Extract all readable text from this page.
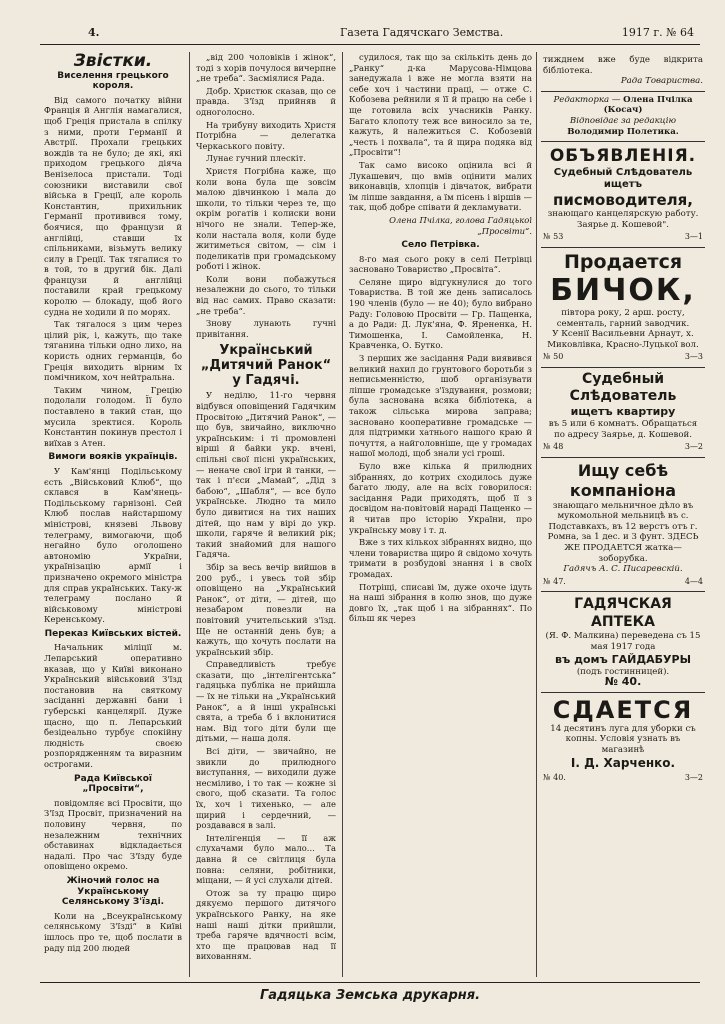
4.	Газета Гадячскаго Земства.	1917 г. № 64
Звістки.
Виселення грецького короля.

Від самого початку війни Франція й Англія намагалися, щоб Греція пристала в спілку з ними, проти Германії й Австрії. Прохали грецьких вождів та не було; де які, які приходом грецького діяча Венізелоса пристали. Тоді союзники виставили свої війська в Греції, але король Константин, прихильник Германії противився тому, боячися, що французи й англійці, ставши їх спільниками, візьмуть велику силу в Греції. Так тягалися то в той, то в другий бік. Далі французи й англійці поставили край грецькому королю — блокаду, щоб його судна не ходили й по морях.

Так тягалося з цим через цілий рік, і, кажуть, що таке тяганина тільки одно лихо, на користь одних германців, бо Греція виходить вірним їх помічником, хоч нейтральна.

Таким чином, Грецію подолали голодом. Її було поставлено в такий стан, що мусила зректися. Король Константин покинув престол і виїхав з Атен.

Вимоги вояків українців.

У Кам'янці Подільському єсть „Військовий Клюб“, що склався в Кам'янець-Подільському гарнізоні. Сей Клюб послав найстаршому міністрові, князеві Львову телеграму, вимогаючи, щоб негайно було оголошено автономію України, українізацію армії і призначено окремого міністра для справ українських. Таку-ж телеграму послано й військовому міністрові Керенському.

Переказ Київських вістей.

Начальник міліції м. Лепарський оперативно вказав, що у Київі виконано Український військовий З'їзд постановив на святкому засіданні державні бани і губерські канцелярії. Дуже щасно, що п. Лепарський безідеально турбує спокійну людність своєю розпорядженням та виразним острогами.

Рада Київської „Просвіти“,

повідомляє всі Просвіти, що З'їзд Просвіт, призначений на половину червня, по незалежним технічних обставинах відкладається надалі. Про час З'їзду буде оповіщено окремо.

Жіночий голос на Українському Селянському З'їзді.

Коли на „Всеукраїнському селянському З'їзді“ в Київі ішлось про те, щоб послати в раду під 200 людей

„від 200 чоловіків і жінок“, тоді з хорів почулося вичерпне „не треба“. Засміялися Рада.

Добр. Христюк сказав, що се правда. З'їзд прийняв й одноголосно.

На трибуну виходить Христя Потрібна — делегатка Черкаського повіту.

Лунає гучний плескіт.

Христя Погрібна каже, що коли вона була ще зовсім малою дівчинкою і мала до школи, то тільки через те, що окрім рогатів і колиски вони нічого не знали. Тепер-же, коли настала воля, коли буде житиметься світом, — сім і поделикатів при громадському роботі і жінок.

Коли вони побажуться незалежни до сього, то тільки від нас самих. Право сказати: „не треба“.

Знову лунають гучні привітання.

Український „Дитячий Ранок“ у Гадячі.

У неділю, 11-го червня відбувся оповіщений Гадячким Просвітою „Дитячий Ранок“, — що був, звичайно, виключно українським: і ті промовлені вірші й байки укр. вчені, спільні свої пісні українських, — неначе свої ігри й танки, — так і п'єси „Мамай“, „Дід з бабою“, „Шабля“, — все було українське. Людно та мило було дивитися на тих наших дітей, що нам у вірі до укр. школи, гаряче й великий рік; такий знайомий для нашого Гадяча.

Збір за весь вечір вийшов в 200 руб., і увесь той збір оповіщено на „Український Ранок“, от діти, — дітей, що незабаром повезли на повітовий учительський з'їзд. Ще не останній день був; а кажуть, що хочуть послати на український збір.

Справедливість требує сказати, що „інтелігентська“ гадяцька публіка не прийшла — їх не тільки на „Український Ранок“, а й інші українські свята, а треба б і вклонитися нам. Від того діти були ще дітьми, — наша доля.

Всі діти, — звичайно, не звикли до прилюдного виступання, — виходили дуже несміливо, і то так — кожне зі свого, щоб сказати. Та голос їх, хоч і тихенько, — але щирий і сердечний, — роздавався в залі.

Інтелігенція — її аж слухачами було мало... Та давна й се світлиця була повна: селяни, робітники, міщани, — й усі слухали дітей.

Отож за ту працю щиро дякуємо першого дитячого українського Ранку, на яке наші наші дітки прийшли, треба гаряче вдячності всім, хто ще працював над її вихованням.

судилося, так що за скількіть день до „Ранку“ д-ка Марусова-Німцова занедужала і вже не могла взяти на себе хоч і частини праці, — отже С. Кобозева рейнили я її й працю на себе і ще готовила всіх учасників Ранку. Багато клопоту теж все виносило за те, кажуть, й належиться С. Кобозевій „честь і похвала“, та й щира подяка від „Просвіти“!

Так само високо оцінила всі й Лукашевич, що вмів оцінити малих виконавців, хлопців і дівчаток, вибрати їм ліпше завдання, а їм пісень і віршів — так, щоб добре співати й декламувати.

Олена Пчілка, голова Гадяцької „Просвіти“.
Село Петрівка.

8-го мая сього року в селі Петрівці засновано Товариство „Просвіта“.

Селяне щиро відгукнулися до того Товариства. В той же день записалось 190 членів (було — не 40); було вибрано Раду: Головою Просвіти — Гр. Пащенка, а до Ради: Д. Лук'яна, Ф. Ярененка, Н. Тимошенка, І. Самойленка, Н. Кравченка, О. Бутко.

З перших же засідання Ради виявився великий нахил до грунтового боротьби з неписьменністю, шоб організувати ліпше громадське з'їздування, розмови; була заснована всяка бібліотека, а також сільська мирова заправа; засновано кооперативне громадське — для підтримки хатнього нашого краю й почуття, а найголовніше, ще у громадах нашої молоді, щоб знали усі гроші.

Було вже кілька й прилюдних зібраннях, до котрих сходилось дуже багато люду, але на всіх говорилося: засідання Ради приходять, щоб її з досвідом на-повітовій нараді Пащенко — й читав про історію України, про українську мову і т. д.

Вже з тих кількох зібраннях видно, що члени товариства щиро й свідомо хочуть тримати в розбудові знання і в своїх громадах.

Потріщі, списаві їм, дуже охоче ідуть на наші зібрання в колю знов, що дуже довго їх, „так щоб і на зібраннях“. По більш як через

тижднем вже буде відкрита бібліотека.

Рада Товариства.

Редакторка — Олена Пчілка (Косач)

Відповідає за редакцію

Володимир Полетика.

ОБЪЯВЛЕНІЯ.

Судебный Слѣдователь ищетъ

писмоводителя,

знающаго канцелярскую работу.

Заярье д. Кошевой".

№ 53	3—1

Продается

БИЧОК,

півтора року, 2 арш. росту, сементаль, гарний заводчик.

У Ксенії Васильевни Арнаут, х. Миковлівка, Красно-Луцької вол.

№ 50	3—3

Судебный Слѣдователь

ищетъ квартиру

въ 5 или 6 комнатъ. Обращаться по адресу Заярье, д. Кошевой.

№ 48	3—2

Ищу себѣ компаніона

знающаго мельничное дѣло въ мукомольной мельницѣ въ с. Подставкахъ, въ 12 верстъ отъ г. Ромна, за 1 дес. и 3 фунт. ЗДЕСЬ ЖЕ ПРОДАЕТСЯ жатка—зоборубка.

Гадячъ А. С. Писаревскій.

№ 47.	4—4

ГАДЯЧСКАЯ АПТЕКА

(Я. Ф. Малкина) переведена съ 15 мая 1917 года

въ домъ ГАЙДАБУРЫ

(подъ гостинницей).

№ 40.

СДАЕТСЯ

14 десятинъ луга для уборки съ копны. Условія узнать въ магазинѣ

I. Д. Харченко.

№ 40.	3—2
Гадяцька Земська друкарня.
